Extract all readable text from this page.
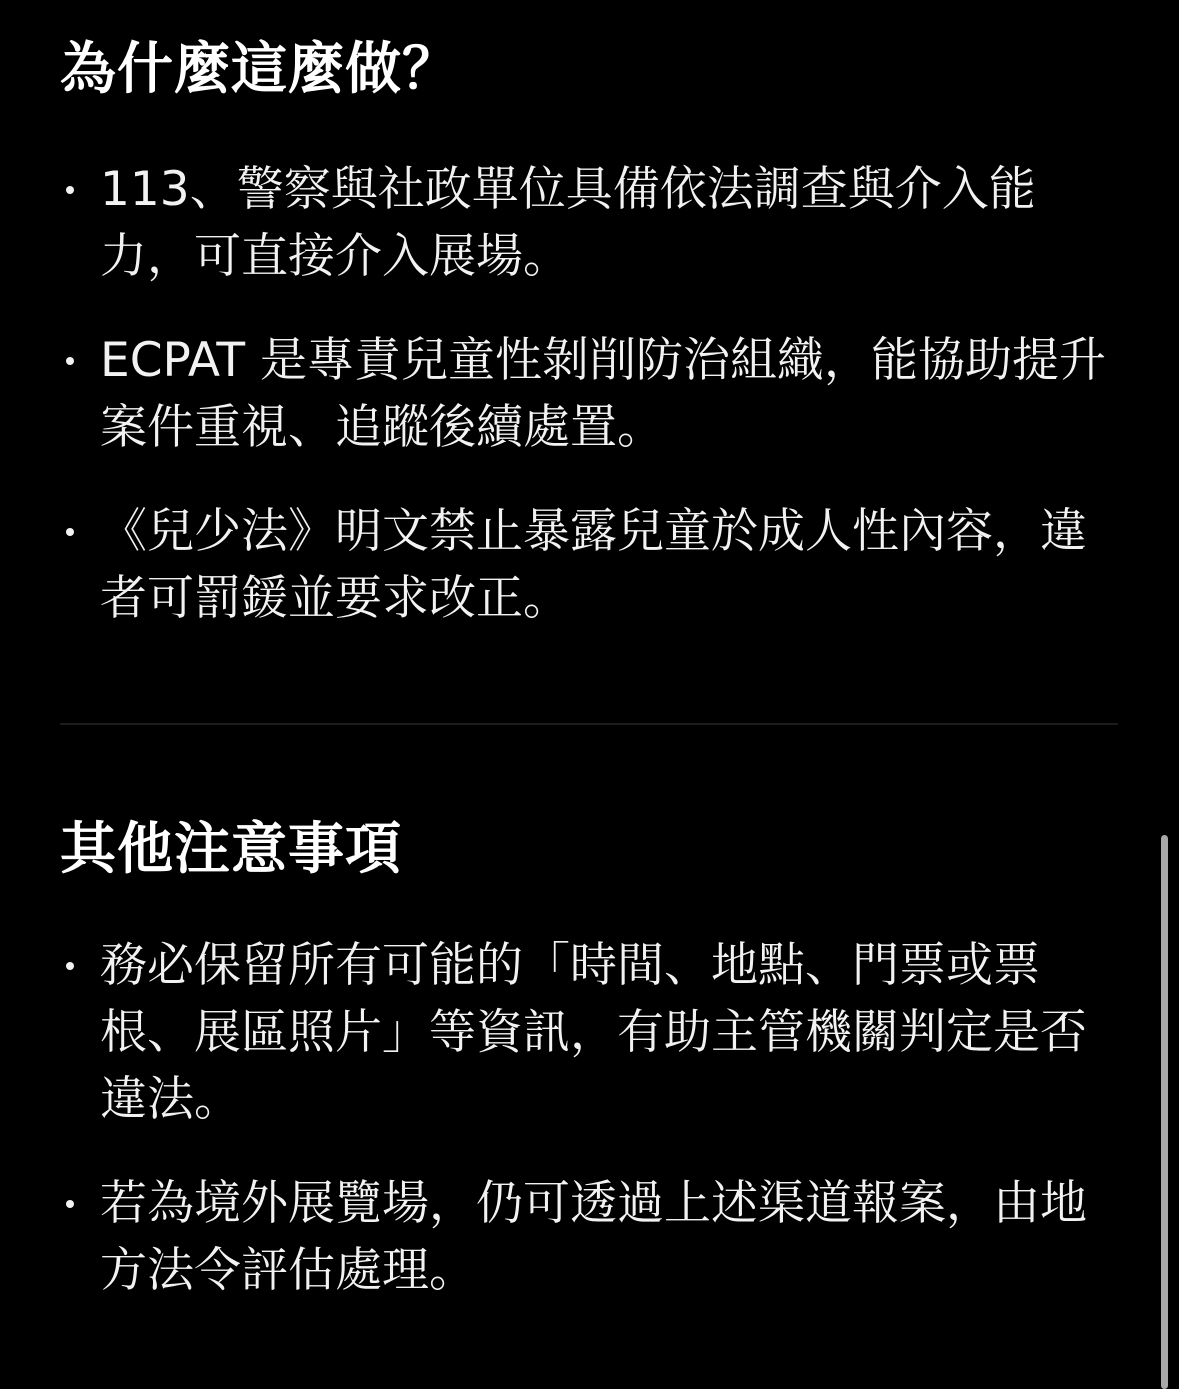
為什麼這麼做？
113、警察與社政單位具備依法調查與介入能力，可直接介入展場。
ECPAT 是專責兒童性剝削防治組織，能協助提升案件重視、追蹤後續處置。
《兒少法》明文禁止暴露兒童於成人性內容，違者可罰鍰並要求改正。
其他注意事項
務必保留所有可能的「時間、地點、門票或票根、展區照片」等資訊，有助主管機關判定是否違法。
若為境外展覽場，仍可透過上述渠道報案，由地方法令評估處理。
